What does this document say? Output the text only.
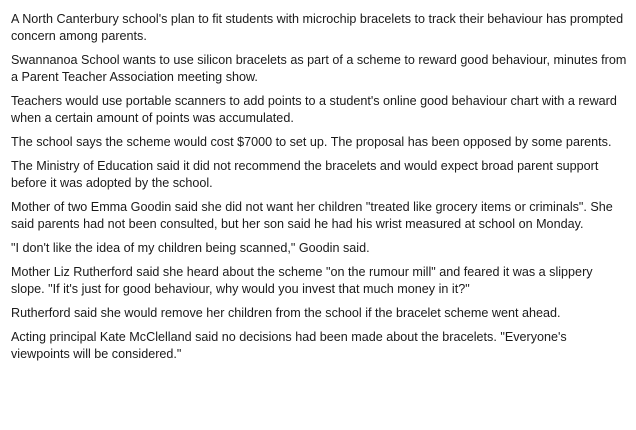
A North Canterbury school's plan to fit students with microchip bracelets to track their behaviour has prompted concern among parents.

Swannanoa School wants to use silicon bracelets as part of a scheme to reward good behaviour, minutes from a Parent Teacher Association meeting show.

Teachers would use portable scanners to add points to a student's online good behaviour chart with a reward when a certain amount of points was accumulated.

The school says the scheme would cost $7000 to set up. The proposal has been opposed by some parents.

The Ministry of Education said it did not recommend the bracelets and would expect broad parent support before it was adopted by the school.

Mother of two Emma Goodin said she did not want her children "treated like grocery items or criminals". She said parents had not been consulted, but her son said he had his wrist measured at school on Monday.

"I don't like the idea of my children being scanned," Goodin said.

Mother Liz Rutherford said she heard about the scheme "on the rumour mill" and feared it was a slippery slope. "If it's just for good behaviour, why would you invest that much money in it?"

Rutherford said she would remove her children from the school if the bracelet scheme went ahead.

Acting principal Kate McClelland said no decisions had been made about the bracelets. "Everyone's viewpoints will be considered."
